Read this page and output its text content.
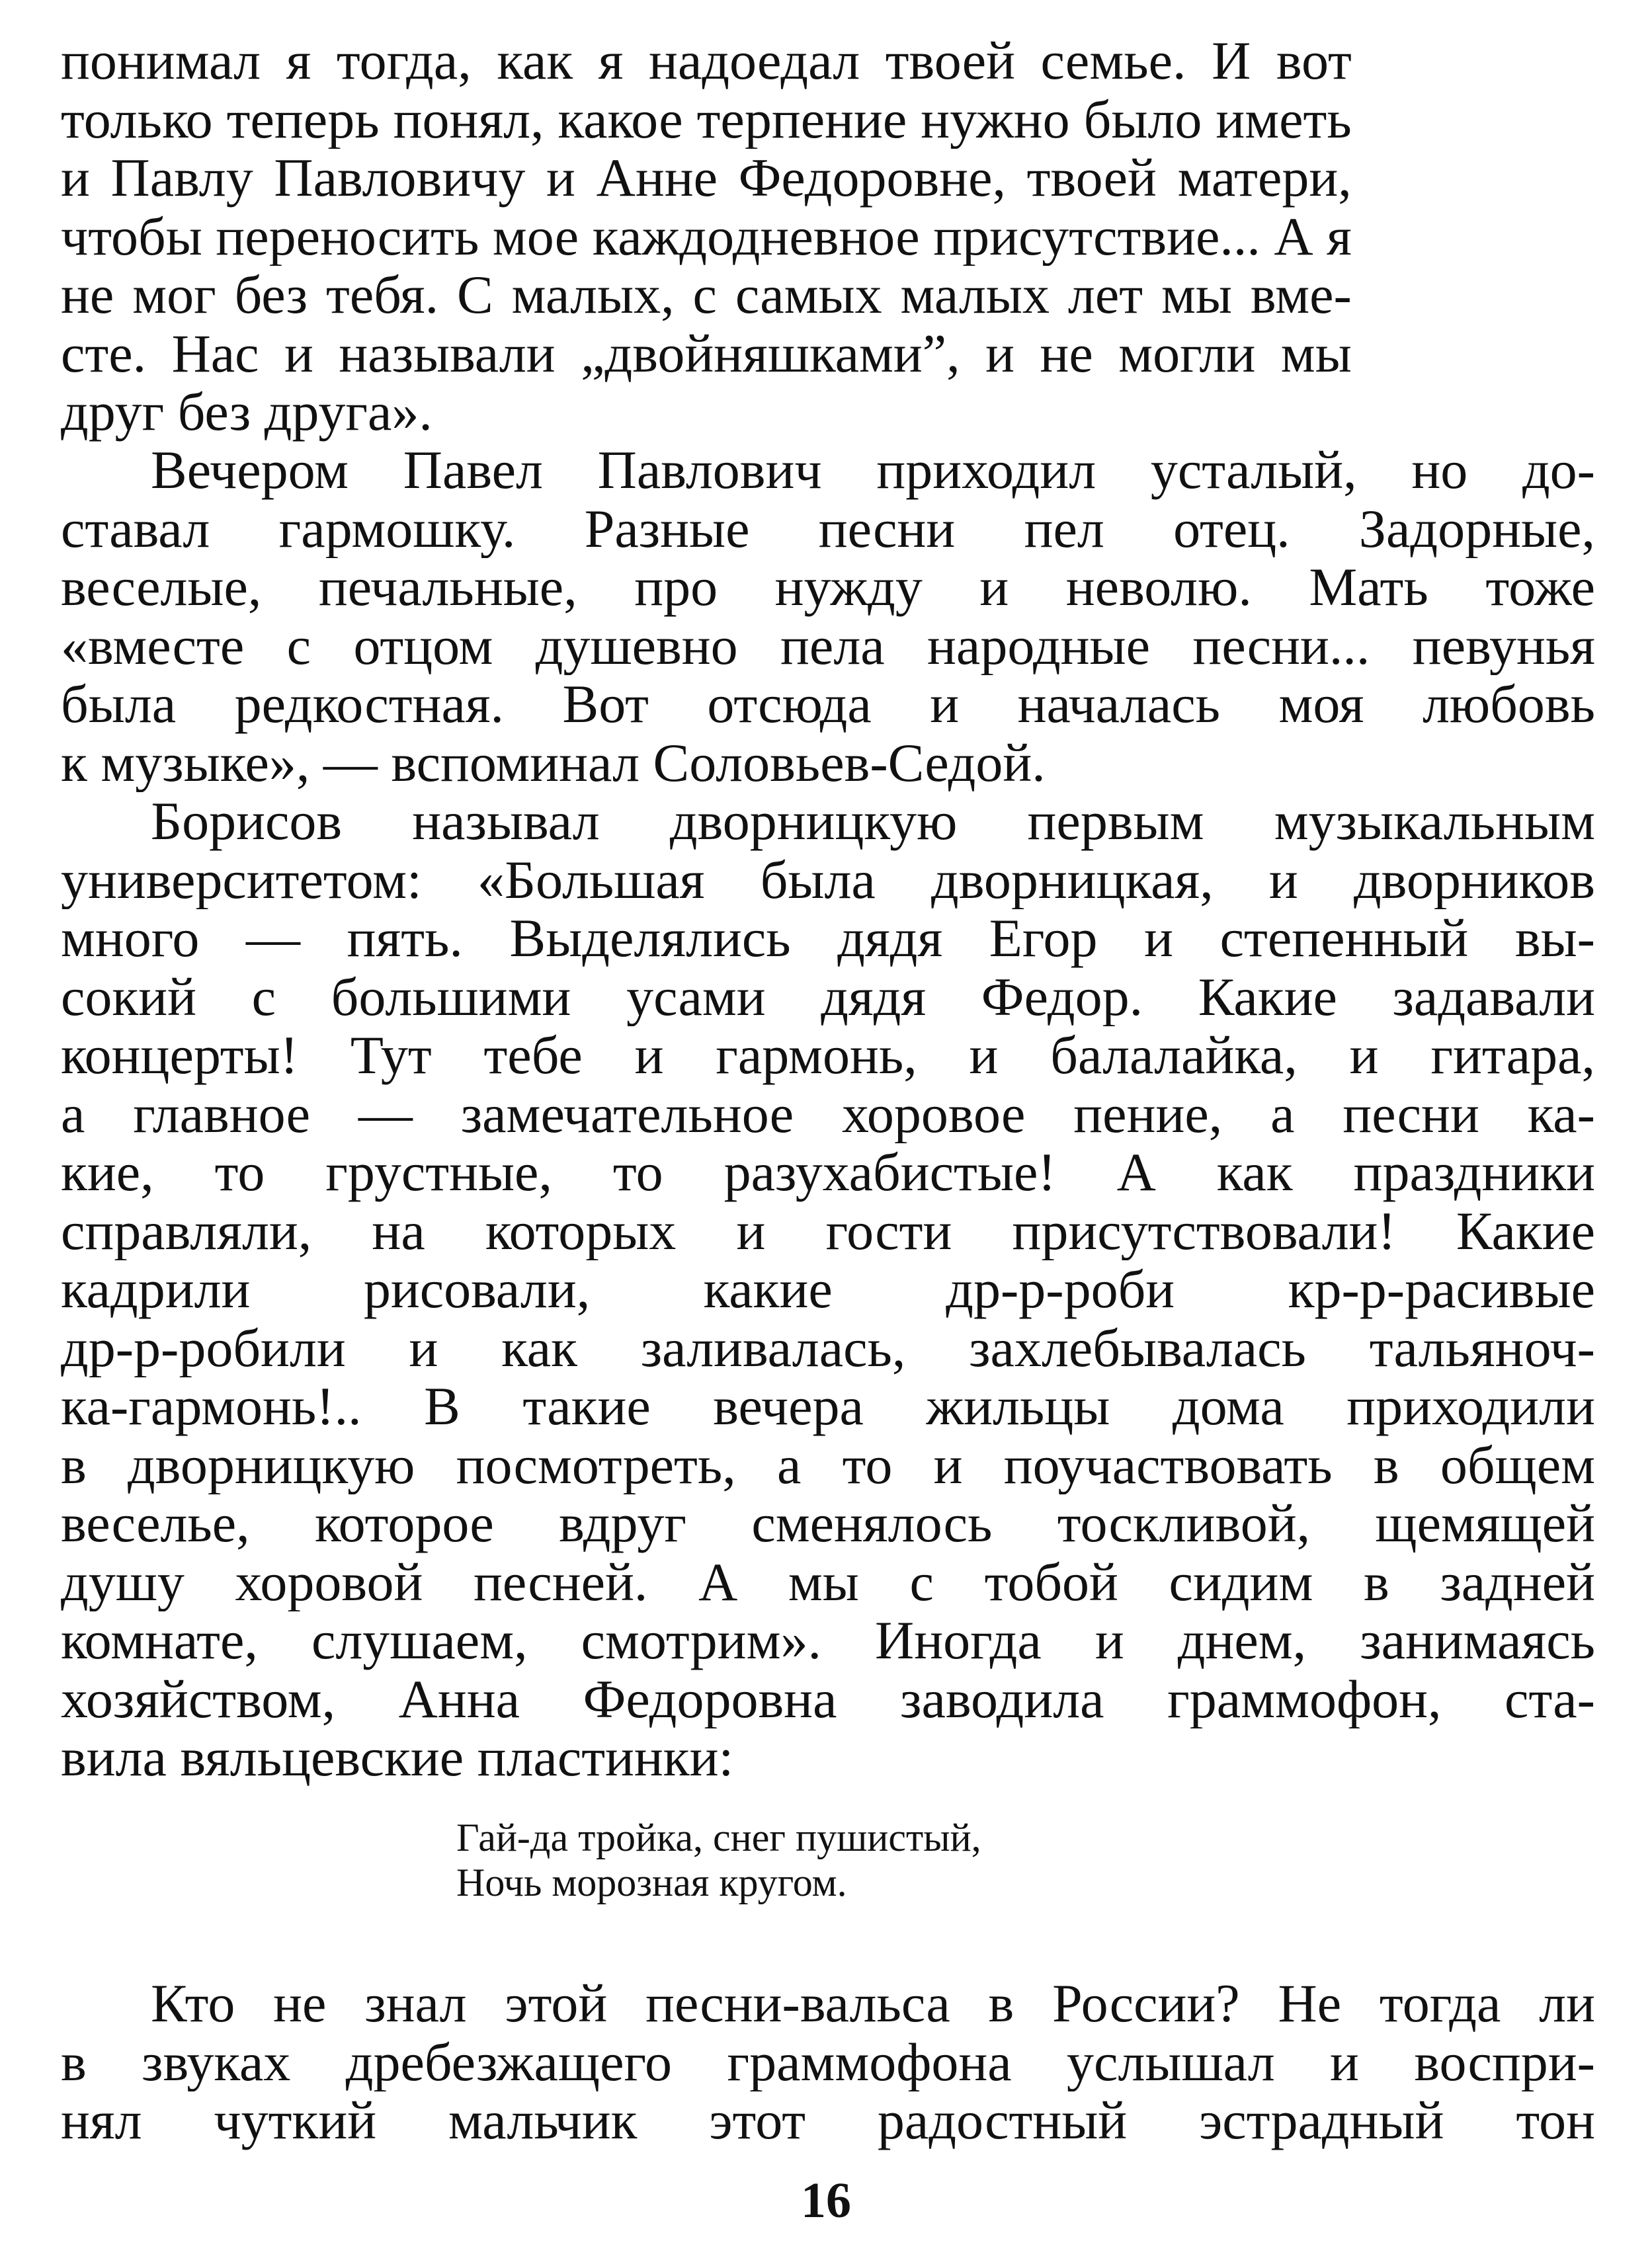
понимал я тогда, как я надоедал твоей семье. И вот
только теперь понял, какое терпение нужно было иметь
и Павлу Павловичу и Анне Федоровне, твоей матери,
чтобы переносить мое каждодневное присутствие... А я
не мог без тебя. С малых, с самых малых лет мы вме-
сте. Нас и называли „двойняшками”, и не могли мы
друг без друга».
Вечером Павел Павлович приходил усталый, но до-
ставал гармошку. Разные песни пел отец. Задорные,
веселые, печальные, про нужду и неволю. Мать тоже
«вместе с отцом душевно пела народные песни... певунья
была редкостная. Вот отсюда и началась моя любовь
к музыке», — вспоминал Соловьев-Седой.
Борисов называл дворницкую первым музыкальным
университетом: «Большая была дворницкая, и дворников
много — пять. Выделялись дядя Егор и степенный вы-
сокий с большими усами дядя Федор. Какие задавали
концерты! Тут тебе и гармонь, и балалайка, и гитара,
а главное — замечательное хоровое пение, а песни ка-
кие, то грустные, то разухабистые! А как праздники
справляли, на которых и гости присутствовали! Какие
кадрили рисовали, какие др-р-роби кр-р-расивые
др-р-робили и как заливалась, захлебывалась тальяноч-
ка-гармонь!.. В такие вечера жильцы дома приходили
в дворницкую посмотреть, а то и поучаствовать в общем
веселье, которое вдруг сменялось тоскливой, щемящей
душу хоровой песней. А мы с тобой сидим в задней
комнате, слушаем, смотрим». Иногда и днем, занимаясь
хозяйством, Анна Федоровна заводила граммофон, ста-
вила вяльцевские пластинки:
Кто не знал этой песни-вальса в России? Не тогда ли
в звуках дребезжащего граммофона услышал и воспри-
нял чуткий мальчик этот радостный эстрадный тон
Гай-да тройка, снег пушистый,
Ночь морозная кругом.
16
